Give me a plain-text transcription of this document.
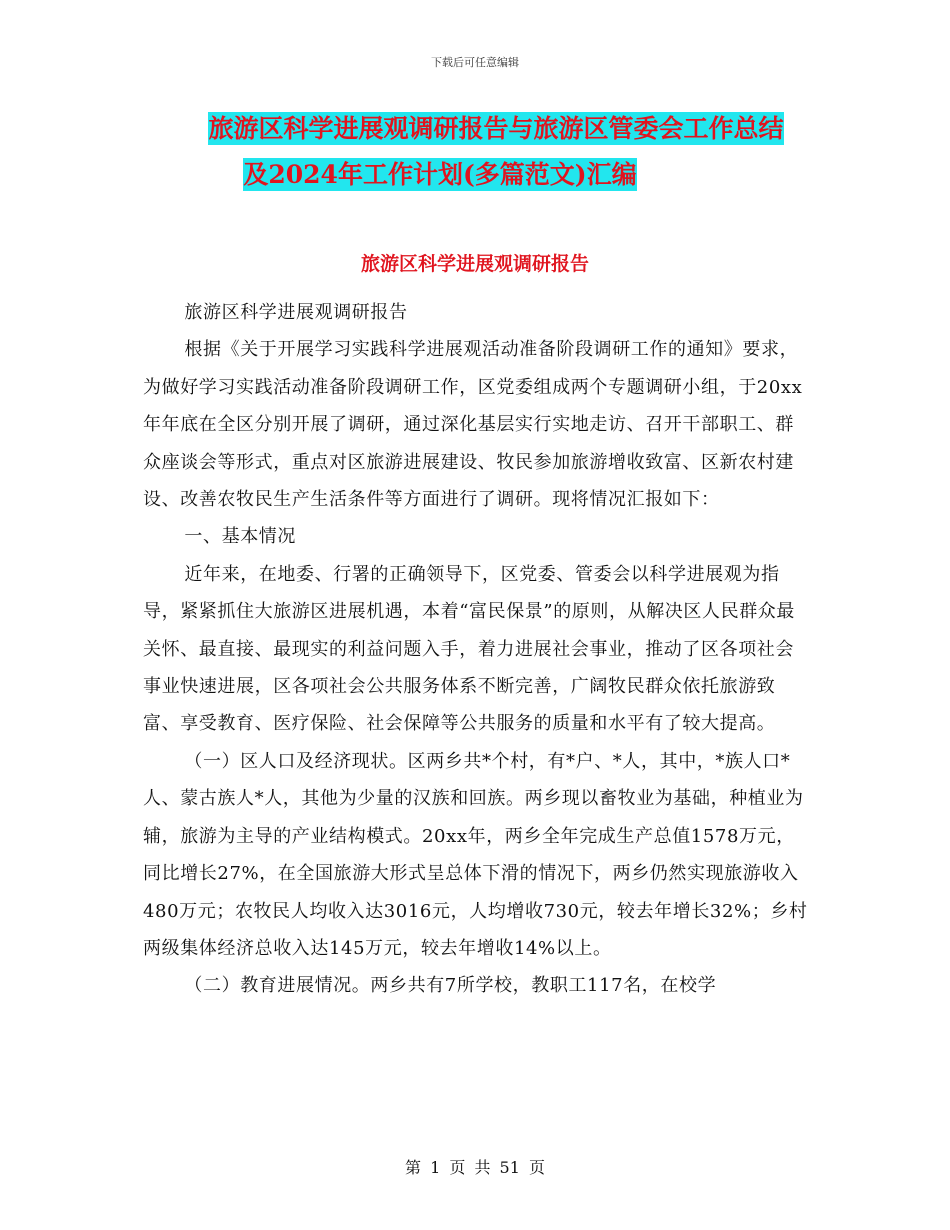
下载后可任意编辑
旅游区科学进展观调研报告与旅游区管委会工作总结
及2024年工作计划(多篇范文)汇编
旅游区科学进展观调研报告

旅游区科学进展观调研报告

根据《关于开展学习实践科学进展观活动准备阶段调研工作的通知》要求，为做好学习实践活动准备阶段调研工作，区党委组成两个专题调研小组，于20xx年年底在全区分别开展了调研，通过深化基层实行实地走访、召开干部职工、群众座谈会等形式，重点对区旅游进展建设、牧民参加旅游增收致富、区新农村建设、改善农牧民生产生活条件等方面进行了调研。现将情况汇报如下：

一、基本情况

近年来，在地委、行署的正确领导下，区党委、管委会以科学进展观为指导，紧紧抓住大旅游区进展机遇，本着“富民保景”的原则，从解决区人民群众最关怀、最直接、最现实的利益问题入手，着力进展社会事业，推动了区各项社会事业快速进展，区各项社会公共服务体系不断完善，广阔牧民群众依托旅游致富、享受教育、医疗保险、社会保障等公共服务的质量和水平有了较大提高。

（一）区人口及经济现状。区两乡共*个村，有*户、*人，其中，*族人口*人、蒙古族人*人，其他为少量的汉族和回族。两乡现以畜牧业为基础，种植业为辅，旅游为主导的产业结构模式。20xx年，两乡全年完成生产总值1578万元，同比增长27%，在全国旅游大形式呈总体下滑的情况下，两乡仍然实现旅游收入480万元；农牧民人均收入达3016元，人均增收730元，较去年增长32%；乡村两级集体经济总收入达145万元，较去年增收14%以上。

（二）教育进展情况。两乡共有7所学校，教职工117名，在校学

第 1 页 共 51 页
